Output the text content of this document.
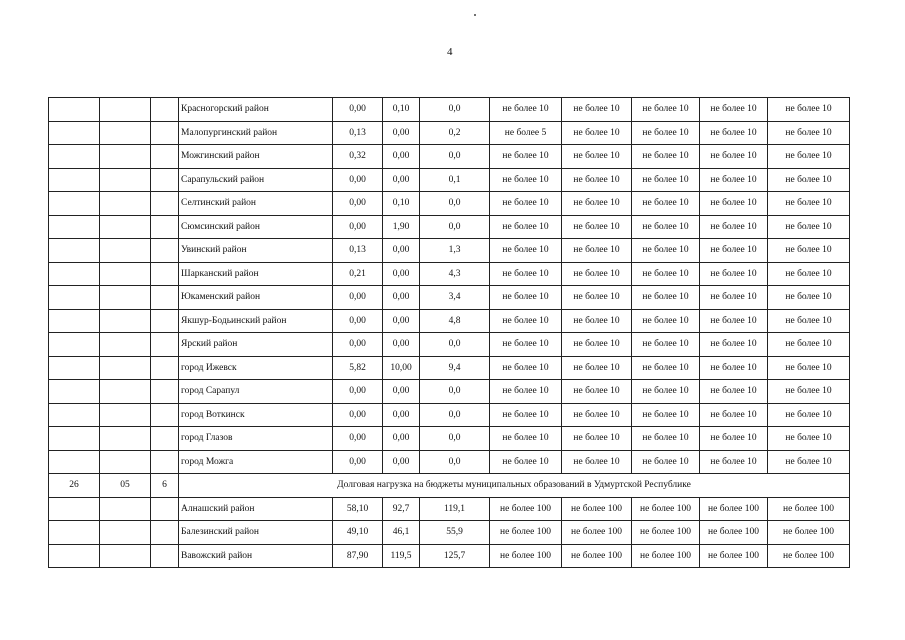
4
			Красногорский район	0,00	0,10	0,0	не более 10	не более 10	не более 10	не более 10	не более 10
			Малопургинский район	0,13	0,00	0,2	не более 5	не более 10	не более 10	не более 10	не более 10
			Можгинский район	0,32	0,00	0,0	не более 10	не более 10	не более 10	не более 10	не более 10
			Сарапульский район	0,00	0,00	0,1	не более 10	не более 10	не более 10	не более 10	не более 10
			Селтинский район	0,00	0,10	0,0	не более 10	не более 10	не более 10	не более 10	не более 10
			Сюмсинский район	0,00	1,90	0,0	не более 10	не более 10	не более 10	не более 10	не более 10
			Увинский район	0,13	0,00	1,3	не более 10	не более 10	не более 10	не более 10	не более 10
			Шарканский район	0,21	0,00	4,3	не более 10	не более 10	не более 10	не более 10	не более 10
			Юкаменский район	0,00	0,00	3,4	не более 10	не более 10	не более 10	не более 10	не более 10
			Якшур-Бодьинский район	0,00	0,00	4,8	не более 10	не более 10	не более 10	не более 10	не более 10
			Ярский район	0,00	0,00	0,0	не более 10	не более 10	не более 10	не более 10	не более 10
			город Ижевск	5,82	10,00	9,4	не более 10	не более 10	не более 10	не более 10	не более 10
			город Сарапул	0,00	0,00	0,0	не более 10	не более 10	не более 10	не более 10	не более 10
			город Воткинск	0,00	0,00	0,0	не более 10	не более 10	не более 10	не более 10	не более 10
			город Глазов	0,00	0,00	0,0	не более 10	не более 10	не более 10	не более 10	не более 10
			город Можга	0,00	0,00	0,0	не более 10	не более 10	не более 10	не более 10	не более 10
26	05	6	Долговая нагрузка на бюджеты муниципальных образований в Удмуртской Республике								
			Алнашский район	58,10	92,7	119,1	не более 100	не более 100	не более 100	не более 100	не более 100
			Балезинский район	49,10	46,1	55,9	не более 100	не более 100	не более 100	не более 100	не более 100
			Вавожский район	87,90	119,5	125,7	не более 100	не более 100	не более 100	не более 100	не более 100
